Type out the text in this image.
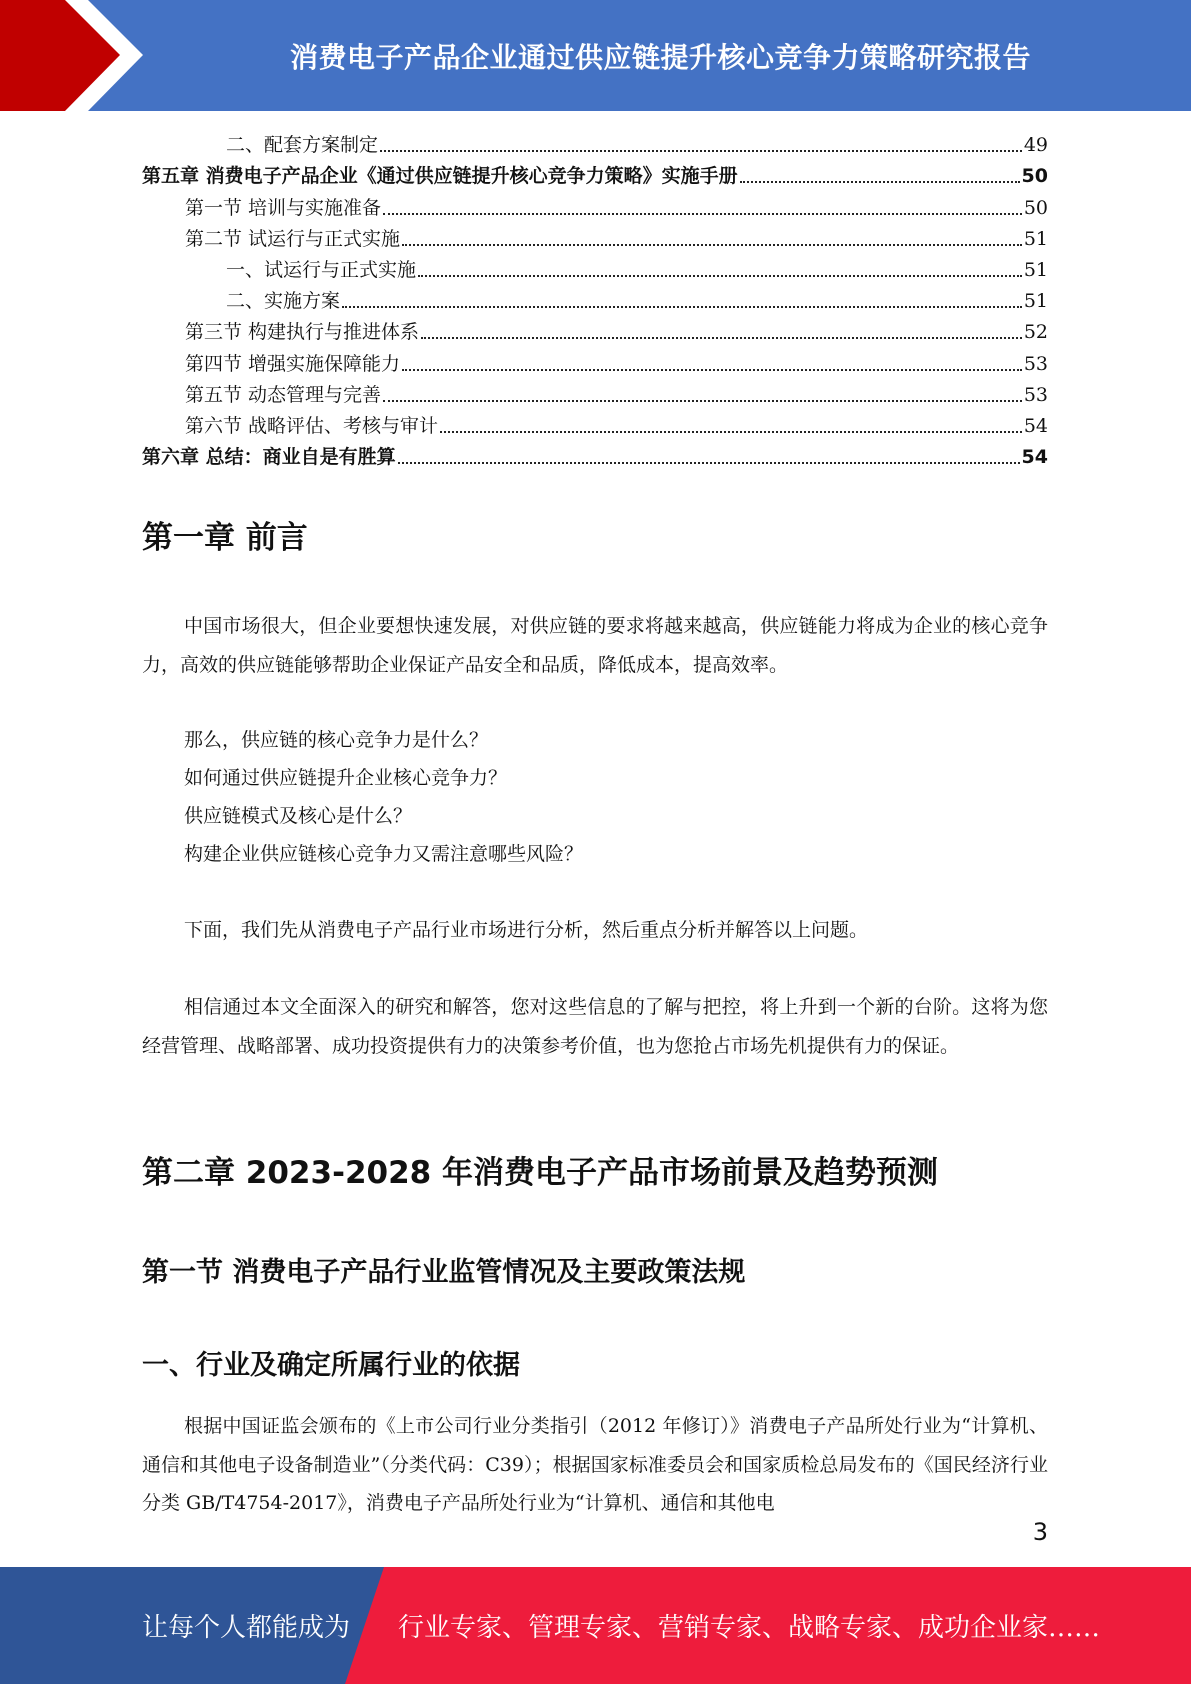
消费电子产品企业通过供应链提升核心竞争力策略研究报告
二、配套方案制定	49
第五章 消费电子产品企业《通过供应链提升核心竞争力策略》实施手册	50
第一节 培训与实施准备	50
第二节 试运行与正式实施	51
一、试运行与正式实施	51
二、实施方案	51
第三节 构建执行与推进体系	52
第四节 增强实施保障能力	53
第五节 动态管理与完善	53
第六节 战略评估、考核与审计	54
第六章 总结：商业自是有胜算	54
第一章 前言

中国市场很大，但企业要想快速发展，对供应链的要求将越来越高，供应链能力将成为企业的核心竞争力，高效的供应链能够帮助企业保证产品安全和品质，降低成本，提高效率。

那么，供应链的核心竞争力是什么？
如何通过供应链提升企业核心竞争力？
供应链模式及核心是什么？
构建企业供应链核心竞争力又需注意哪些风险？

下面，我们先从消费电子产品行业市场进行分析，然后重点分析并解答以上问题。

相信通过本文全面深入的研究和解答，您对这些信息的了解与把控，将上升到一个新的台阶。这将为您经营管理、战略部署、成功投资提供有力的决策参考价值，也为您抢占市场先机提供有力的保证。

第二章 2023-2028 年消费电子产品市场前景及趋势预测
第一节 消费电子产品行业监管情况及主要政策法规
一、行业及确定所属行业的依据

根据中国证监会颁布的《上市公司行业分类指引（2012 年修订）》消费电子产品所处行业为“计算机、通信和其他电子设备制造业”（分类代码：C39）；根据国家标准委员会和国家质检总局发布的《国民经济行业分类 GB/T4754-2017》，消费电子产品所处行业为“计算机、通信和其他电

3
让每个人都能成为 行业专家、管理专家、营销专家、战略专家、成功企业家……
